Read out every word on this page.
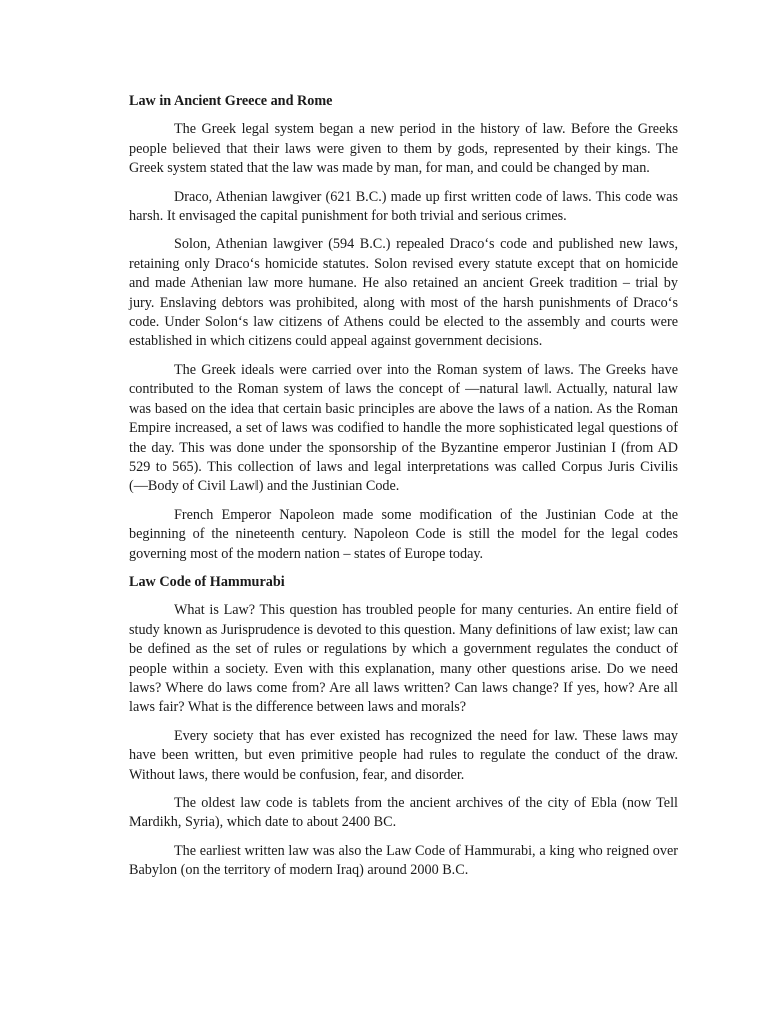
Law in Ancient Greece and Rome

The Greek legal system began a new period in the history of law. Before the Greeks people believed that their laws were given to them by gods, represented by their kings. The Greek system stated that the law was made by man, for man, and could be changed by man.

Draco, Athenian lawgiver (621 B.C.) made up first written code of laws. This code was harsh. It envisaged the capital punishment for both trivial and serious crimes.

Solon, Athenian lawgiver (594 B.C.) repealed Draco‘s code and published new laws, retaining only Draco‘s homicide statutes. Solon revised every statute except that on homicide and made Athenian law more humane. He also retained an ancient Greek tradition – trial by jury. Enslaving debtors was prohibited, along with most of the harsh punishments of Draco‘s code. Under Solon‘s law citizens of Athens could be elected to the assembly and courts were established in which citizens could appeal against government decisions.

The Greek ideals were carried over into the Roman system of laws. The Greeks have contributed to the Roman system of laws the concept of ―natural law‖. Actually, natural law was based on the idea that certain basic principles are above the laws of a nation. As the Roman Empire increased, a set of laws was codified to handle the more sophisticated legal questions of the day. This was done under the sponsorship of the Byzantine emperor Justinian I (from AD 529 to 565). This collection of laws and legal interpretations was called Corpus Juris Civilis (―Body of Civil Law‖) and the Justinian Code.

French Emperor Napoleon made some modification of the Justinian Code at the beginning of the nineteenth century. Napoleon Code is still the model for the legal codes governing most of the modern nation – states of Europe today.

Law Code of Hammurabi

What is Law? This question has troubled people for many centuries. An entire field of study known as Jurisprudence is devoted to this question. Many definitions of law exist; law can be defined as the set of rules or regulations by which a government regulates the conduct of people within a society. Even with this explanation, many other questions arise. Do we need laws? Where do laws come from? Are all laws written? Can laws change? If yes, how? Are all laws fair? What is the difference between laws and morals?

Every society that has ever existed has recognized the need for law. These laws may have been written, but even primitive people had rules to regulate the conduct of the draw. Without laws, there would be confusion, fear, and disorder.

The oldest law code is tablets from the ancient archives of the city of Ebla (now Tell Mardikh, Syria), which date to about 2400 BC.

The earliest written law was also the Law Code of Hammurabi, a king who reigned over Babylon (on the territory of modern Iraq) around 2000 B.C.
